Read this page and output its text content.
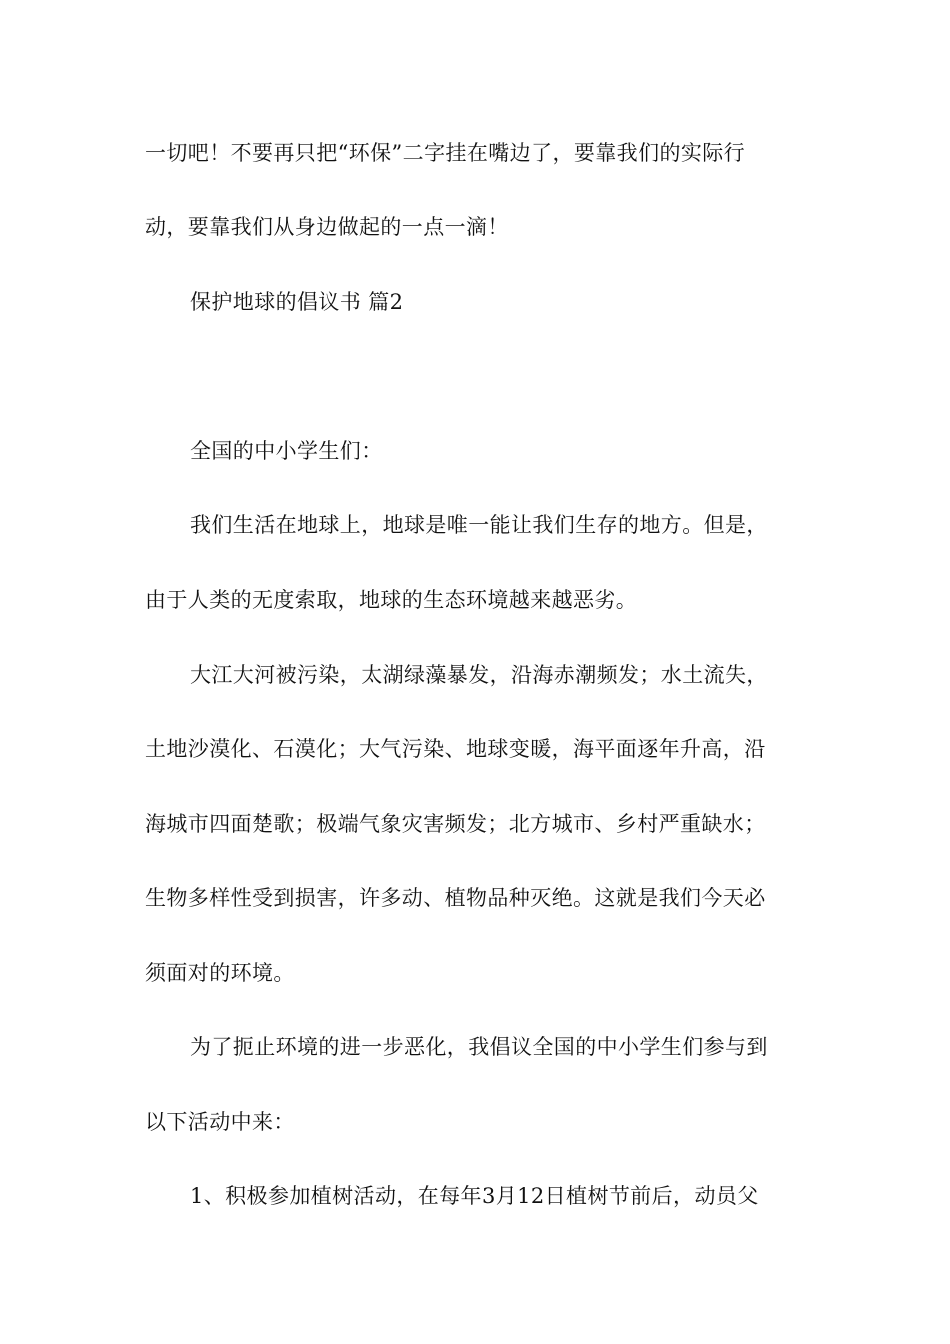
一切吧！不要再只把“环保”二字挂在嘴边了，要靠我们的实际行
动，要靠我们从身边做起的一点一滴！
保护地球的倡议书 篇2
全国的中小学生们：
我们生活在地球上，地球是唯一能让我们生存的地方。但是，
由于人类的无度索取，地球的生态环境越来越恶劣。
大江大河被污染，太湖绿藻暴发，沿海赤潮频发；水土流失，
土地沙漠化、石漠化；大气污染、地球变暖，海平面逐年升高，沿
海城市四面楚歌；极端气象灾害频发；北方城市、乡村严重缺水；
生物多样性受到损害，许多动、植物品种灭绝。这就是我们今天必
须面对的环境。
为了扼止环境的进一步恶化，我倡议全国的中小学生们参与到
以下活动中来：
1、积极参加植树活动，在每年3月12日植树节前后，动员父
